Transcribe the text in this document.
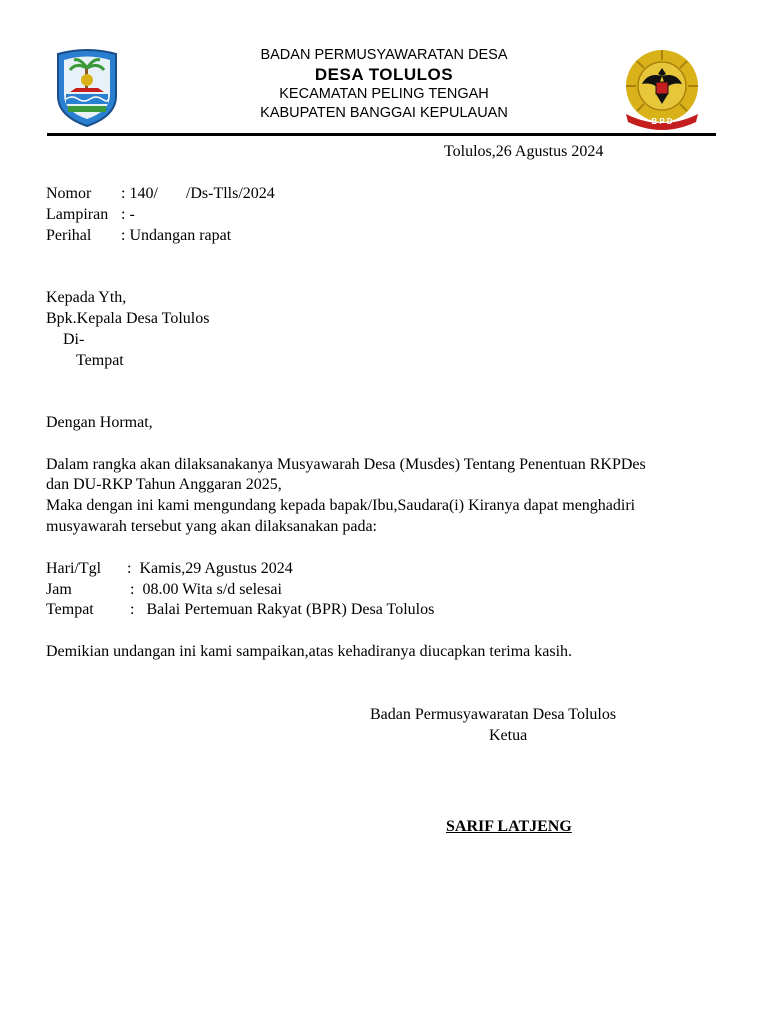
BADAN PERMUSYAWARATAN DESA
DESA TOLULOS
KECAMATAN PELING TENGAH
KABUPATEN BANGGAI KEPULAUAN
B P D
Tolulos,26 Agustus 2024
Nomor : 140/       /Ds-Tlls/2024
Lampiran : -
Perihal : Undangan rapat
Kepada Yth,
Bpk.Kepala Desa Tolulos
Di-
Tempat
Dengan Hormat,
Dalam rangka akan dilaksanakanya Musyawarah Desa (Musdes) Tentang Penentuan RKPDes
dan DU-RKP Tahun Anggaran 2025,
Maka dengan ini kami mengundang kepada bapak/Ibu,Saudara(i) Kiranya dapat menghadiri
musyawarah tersebut yang akan dilaksanakan pada:
Hari/Tgl :  Kamis,29 Agustus 2024
Jam	:  08.00 Wita s/d selesai
Tempat :   Balai Pertemuan Rakyat (BPR) Desa Tolulos
Demikian undangan ini kami sampaikan,atas kehadiranya diucapkan terima kasih.
Badan Permusyawaratan Desa Tolulos
Ketua
SARIF LATJENG
